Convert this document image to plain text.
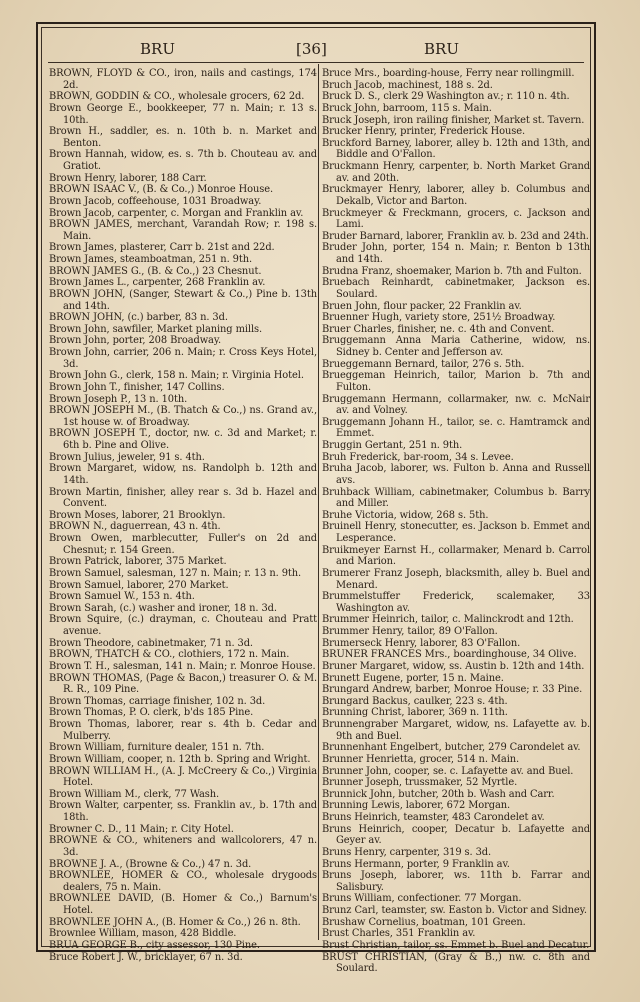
BRU	[36]	BRU
BROWN, FLOYD & CO., iron, nails and castings, 174 2d.
BROWN, GODDIN & CO., wholesale grocers, 62 2d.
Brown George E., bookkeeper, 77 n. Main; r. 13 s. 10th.
Brown H., saddler, es. n. 10th b. n. Market and Benton.
Brown Hannah, widow, es. s. 7th b. Chouteau av. and Gratiot.
Brown Henry, laborer, 188 Carr.
BROWN ISAAC V., (B. & Co.,) Monroe House.
Brown Jacob, coffeehouse, 1031 Broadway.
Brown Jacob, carpenter, c. Morgan and Franklin av.
BROWN JAMES, merchant, Varandah Row; r. 198 s. Main.
Brown James, plasterer, Carr b. 21st and 22d.
Brown James, steamboatman, 251 n. 9th.
BROWN JAMES G., (B. & Co.,) 23 Chesnut.
Brown James L., carpenter, 268 Franklin av.
BROWN JOHN, (Sanger, Stewart & Co.,) Pine b. 13th and 14th.
BROWN JOHN, (c.) barber, 83 n. 3d.
Brown John, sawfiler, Market planing mills.
Brown John, porter, 208 Broadway.
Brown John, carrier, 206 n. Main; r. Cross Keys Hotel, 3d.
Brown John G., clerk, 158 n. Main; r. Virginia Hotel.
Brown John T., finisher, 147 Collins.
Brown Joseph P., 13 n. 10th.
BROWN JOSEPH M., (B. Thatch & Co.,) ns. Grand av., 1st house w. of Broadway.
BROWN JOSEPH T., doctor, nw. c. 3d and Market; r. 6th b. Pine and Olive.
Brown Julius, jeweler, 91 s. 4th.
Brown Margaret, widow, ns. Randolph b. 12th and 14th.
Brown Martin, finisher, alley rear s. 3d b. Hazel and Convent.
Brown Moses, laborer, 21 Brooklyn.
BROWN N., daguerrean, 43 n. 4th.
Brown Owen, marblecutter, Fuller's on 2d and Chesnut; r. 154 Green.
Brown Patrick, laborer, 375 Market.
Brown Samuel, salesman, 127 n. Main; r. 13 n. 9th.
Brown Samuel, laborer, 270 Market.
Brown Samuel W., 153 n. 4th.
Brown Sarah, (c.) washer and ironer, 18 n. 3d.
Brown Squire, (c.) drayman, c. Chouteau and Pratt avenue.
Brown Theodore, cabinetmaker, 71 n. 3d.
BROWN, THATCH & CO., clothiers, 172 n. Main.
Brown T. H., salesman, 141 n. Main; r. Monroe House.
BROWN THOMAS, (Page & Bacon,) treasurer O. & M. R. R., 109 Pine.
Brown Thomas, carriage finisher, 102 n. 3d.
Brown Thomas, P. O. clerk, b'ds 185 Pine.
Brown Thomas, laborer, rear s. 4th b. Cedar and Mulberry.
Brown William, furniture dealer, 151 n. 7th.
Brown William, cooper, n. 12th b. Spring and Wright.
BROWN WILLIAM H., (A. J. McCreery & Co.,) Virginia Hotel.
Brown William M., clerk, 77 Wash.
Brown Walter, carpenter, ss. Franklin av., b. 17th and 18th.
Browner C. D., 11 Main; r. City Hotel.
BROWNE & CO., whiteners and wallcolorers, 47 n. 3d.
BROWNE J. A., (Browne & Co.,) 47 n. 3d.
BROWNLEE, HOMER & CO., wholesale drygoods dealers, 75 n. Main.
BROWNLEE DAVID, (B. Homer & Co.,) Barnum's Hotel.
BROWNLEE JOHN A., (B. Homer & Co.,) 26 n. 8th.
Brownlee William, mason, 428 Biddle.
BRUA GEORGE B., city assessor, 130 Pine.
Bruce Robert J. W., bricklayer, 67 n. 3d.
Bruce Mrs., boarding-house, Ferry near rollingmill.
Bruch Jacob, machinest, 188 s. 2d.
Bruck D. S., clerk 29 Washington av.; r. 110 n. 4th.
Bruck John, barroom, 115 s. Main.
Bruck Joseph, iron railing finisher, Market st. Tavern.
Brucker Henry, printer, Frederick House.
Bruckford Barney, laborer, alley b. 12th and 13th, and Biddle and O'Fallon.
Bruckmann Henry, carpenter, b. North Market Grand av. and 20th.
Bruckmayer Henry, laborer, alley b. Columbus and Dekalb, Victor and Barton.
Bruckmeyer & Freckmann, grocers, c. Jackson and Lami.
Bruder Barnard, laborer, Franklin av. b. 23d and 24th.
Bruder John, porter, 154 n. Main; r. Benton b 13th and 14th.
Brudna Franz, shoemaker, Marion b. 7th and Fulton.
Bruebach Reinhardt, cabinetmaker, Jackson es. Soulard.
Bruen John, flour packer, 22 Franklin av.
Bruenner Hugh, variety store, 251½ Broadway.
Bruer Charles, finisher, ne. c. 4th and Convent.
Bruggemann Anna Maria Catherine, widow, ns. Sidney b. Center and Jefferson av.
Brueggemann Bernard, tailor, 276 s. 5th.
Brueggeman Heinrich, tailor, Marion b. 7th and Fulton.
Bruggemann Hermann, collarmaker, nw. c. McNair av. and Volney.
Bruggemann Johann H., tailor, se. c. Hamtramck and Emmet.
Bruggin Gertant, 251 n. 9th.
Bruh Frederick, bar-room, 34 s. Levee.
Bruha Jacob, laborer, ws. Fulton b. Anna and Russell avs.
Bruhback William, cabinetmaker, Columbus b. Barry and Miller.
Bruhe Victoria, widow, 268 s. 5th.
Bruinell Henry, stonecutter, es. Jackson b. Emmet and Lesperance.
Bruikmeyer Earnst H., collarmaker, Menard b. Carrol and Marion.
Brumerer Franz Joseph, blacksmith, alley b. Buel and Menard.
Brummelstuffer Frederick, scalemaker, 33 Washington av.
Brummer Heinrich, tailor, c. Malinckrodt and 12th.
Brummer Henry, tailor, 89 O'Fallon.
Brumerseck Henry, laborer, 83 O'Fallon.
BRUNER FRANCES Mrs., boardinghouse, 34 Olive.
Bruner Margaret, widow, ss. Austin b. 12th and 14th.
Brunett Eugene, porter, 15 n. Maine.
Brungard Andrew, barber, Monroe House; r. 33 Pine.
Brungard Backus, caulker, 223 s. 4th.
Brunning Christ, laborer, 369 n. 11th.
Brunnengraber Margaret, widow, ns. Lafayette av. b. 9th and Buel.
Brunnenhant Engelbert, butcher, 279 Carondelet av.
Brunner Henrietta, grocer, 514 n. Main.
Brunner John, cooper, se. c. Lafayette av. and Buel.
Brunner Joseph, trussmaker, 52 Myrtle.
Brunnick John, butcher, 20th b. Wash and Carr.
Brunning Lewis, laborer, 672 Morgan.
Bruns Heinrich, teamster, 483 Carondelet av.
Bruns Heinrich, cooper, Decatur b. Lafayette and Geyer av.
Bruns Henry, carpenter, 319 s. 3d.
Bruns Hermann, porter, 9 Franklin av.
Bruns Joseph, laborer, ws. 11th b. Farrar and Salisbury.
Bruns William, confectioner. 77 Morgan.
Brunz Carl, teamster, sw. Easton b. Victor and Sidney.
Brushaw Cornelius, boatman, 101 Green.
Brust Charles, 351 Franklin av.
Brust Christian, tailor, ss. Emmet b. Buel and Decatur.
BRUST CHRISTIAN, (Gray & B.,) nw. c. 8th and Soulard.
